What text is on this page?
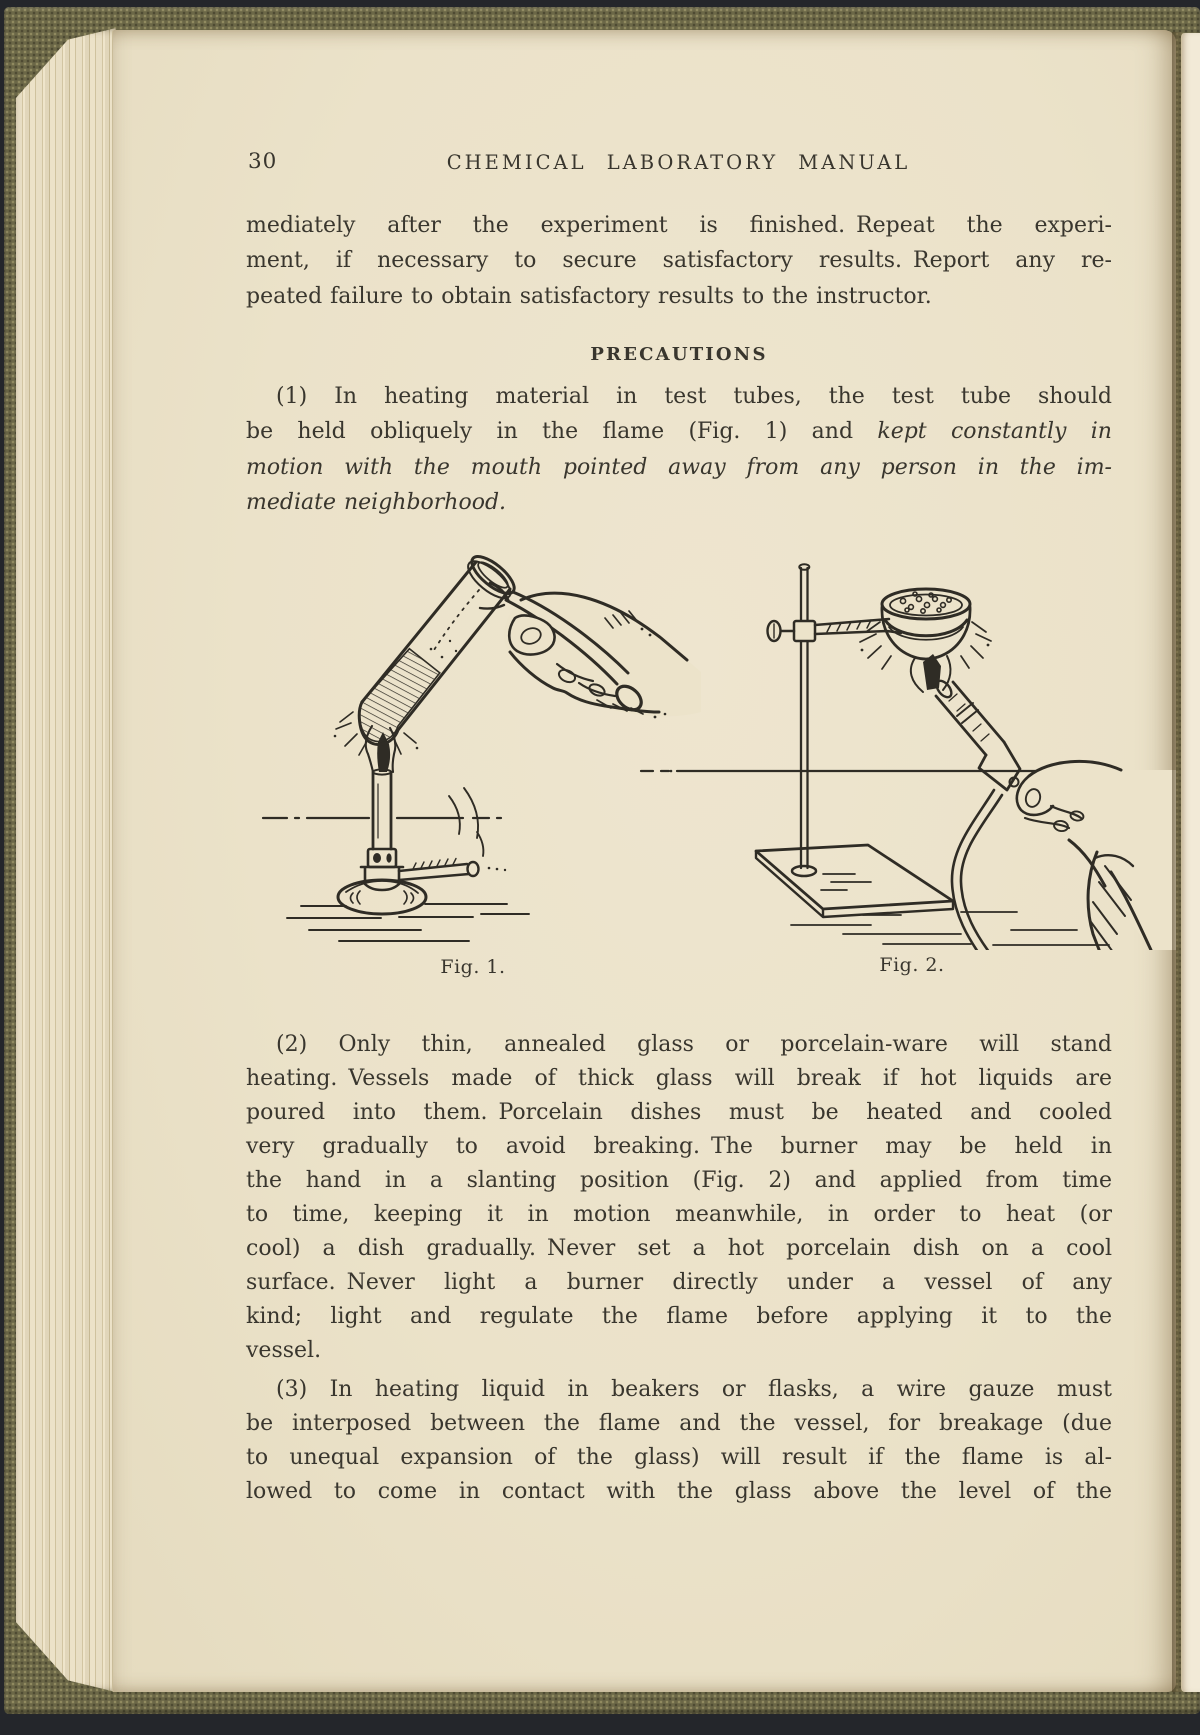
30	CHEMICAL LABORATORY MANUAL
mediately after the experiment is finished. Repeat the experi-
ment, if necessary to secure satisfactory results. Report any re-
peated failure to obtain satisfactory results to the instructor.
PRECAUTIONS
(1) In heating material in test tubes, the test tube should
be held obliquely in the flame (Fig. 1) and kept constantly in
motion with the mouth pointed away from any person in the im-
mediate neighborhood.
Fig. 1.	Fig. 2.
(2) Only thin, annealed glass or porcelain-ware will stand
heating. Vessels made of thick glass will break if hot liquids are
poured into them. Porcelain dishes must be heated and cooled
very gradually to avoid breaking. The burner may be held in
the hand in a slanting position (Fig. 2) and applied from time
to time, keeping it in motion meanwhile, in order to heat (or
cool) a dish gradually. Never set a hot porcelain dish on a cool
surface. Never light a burner directly under a vessel of any
kind; light and regulate the flame before applying it to the
vessel.
(3) In heating liquid in beakers or flasks, a wire gauze must
be interposed between the flame and the vessel, for breakage (due
to unequal expansion of the glass) will result if the flame is al-
lowed to come in contact with the glass above the level of the
